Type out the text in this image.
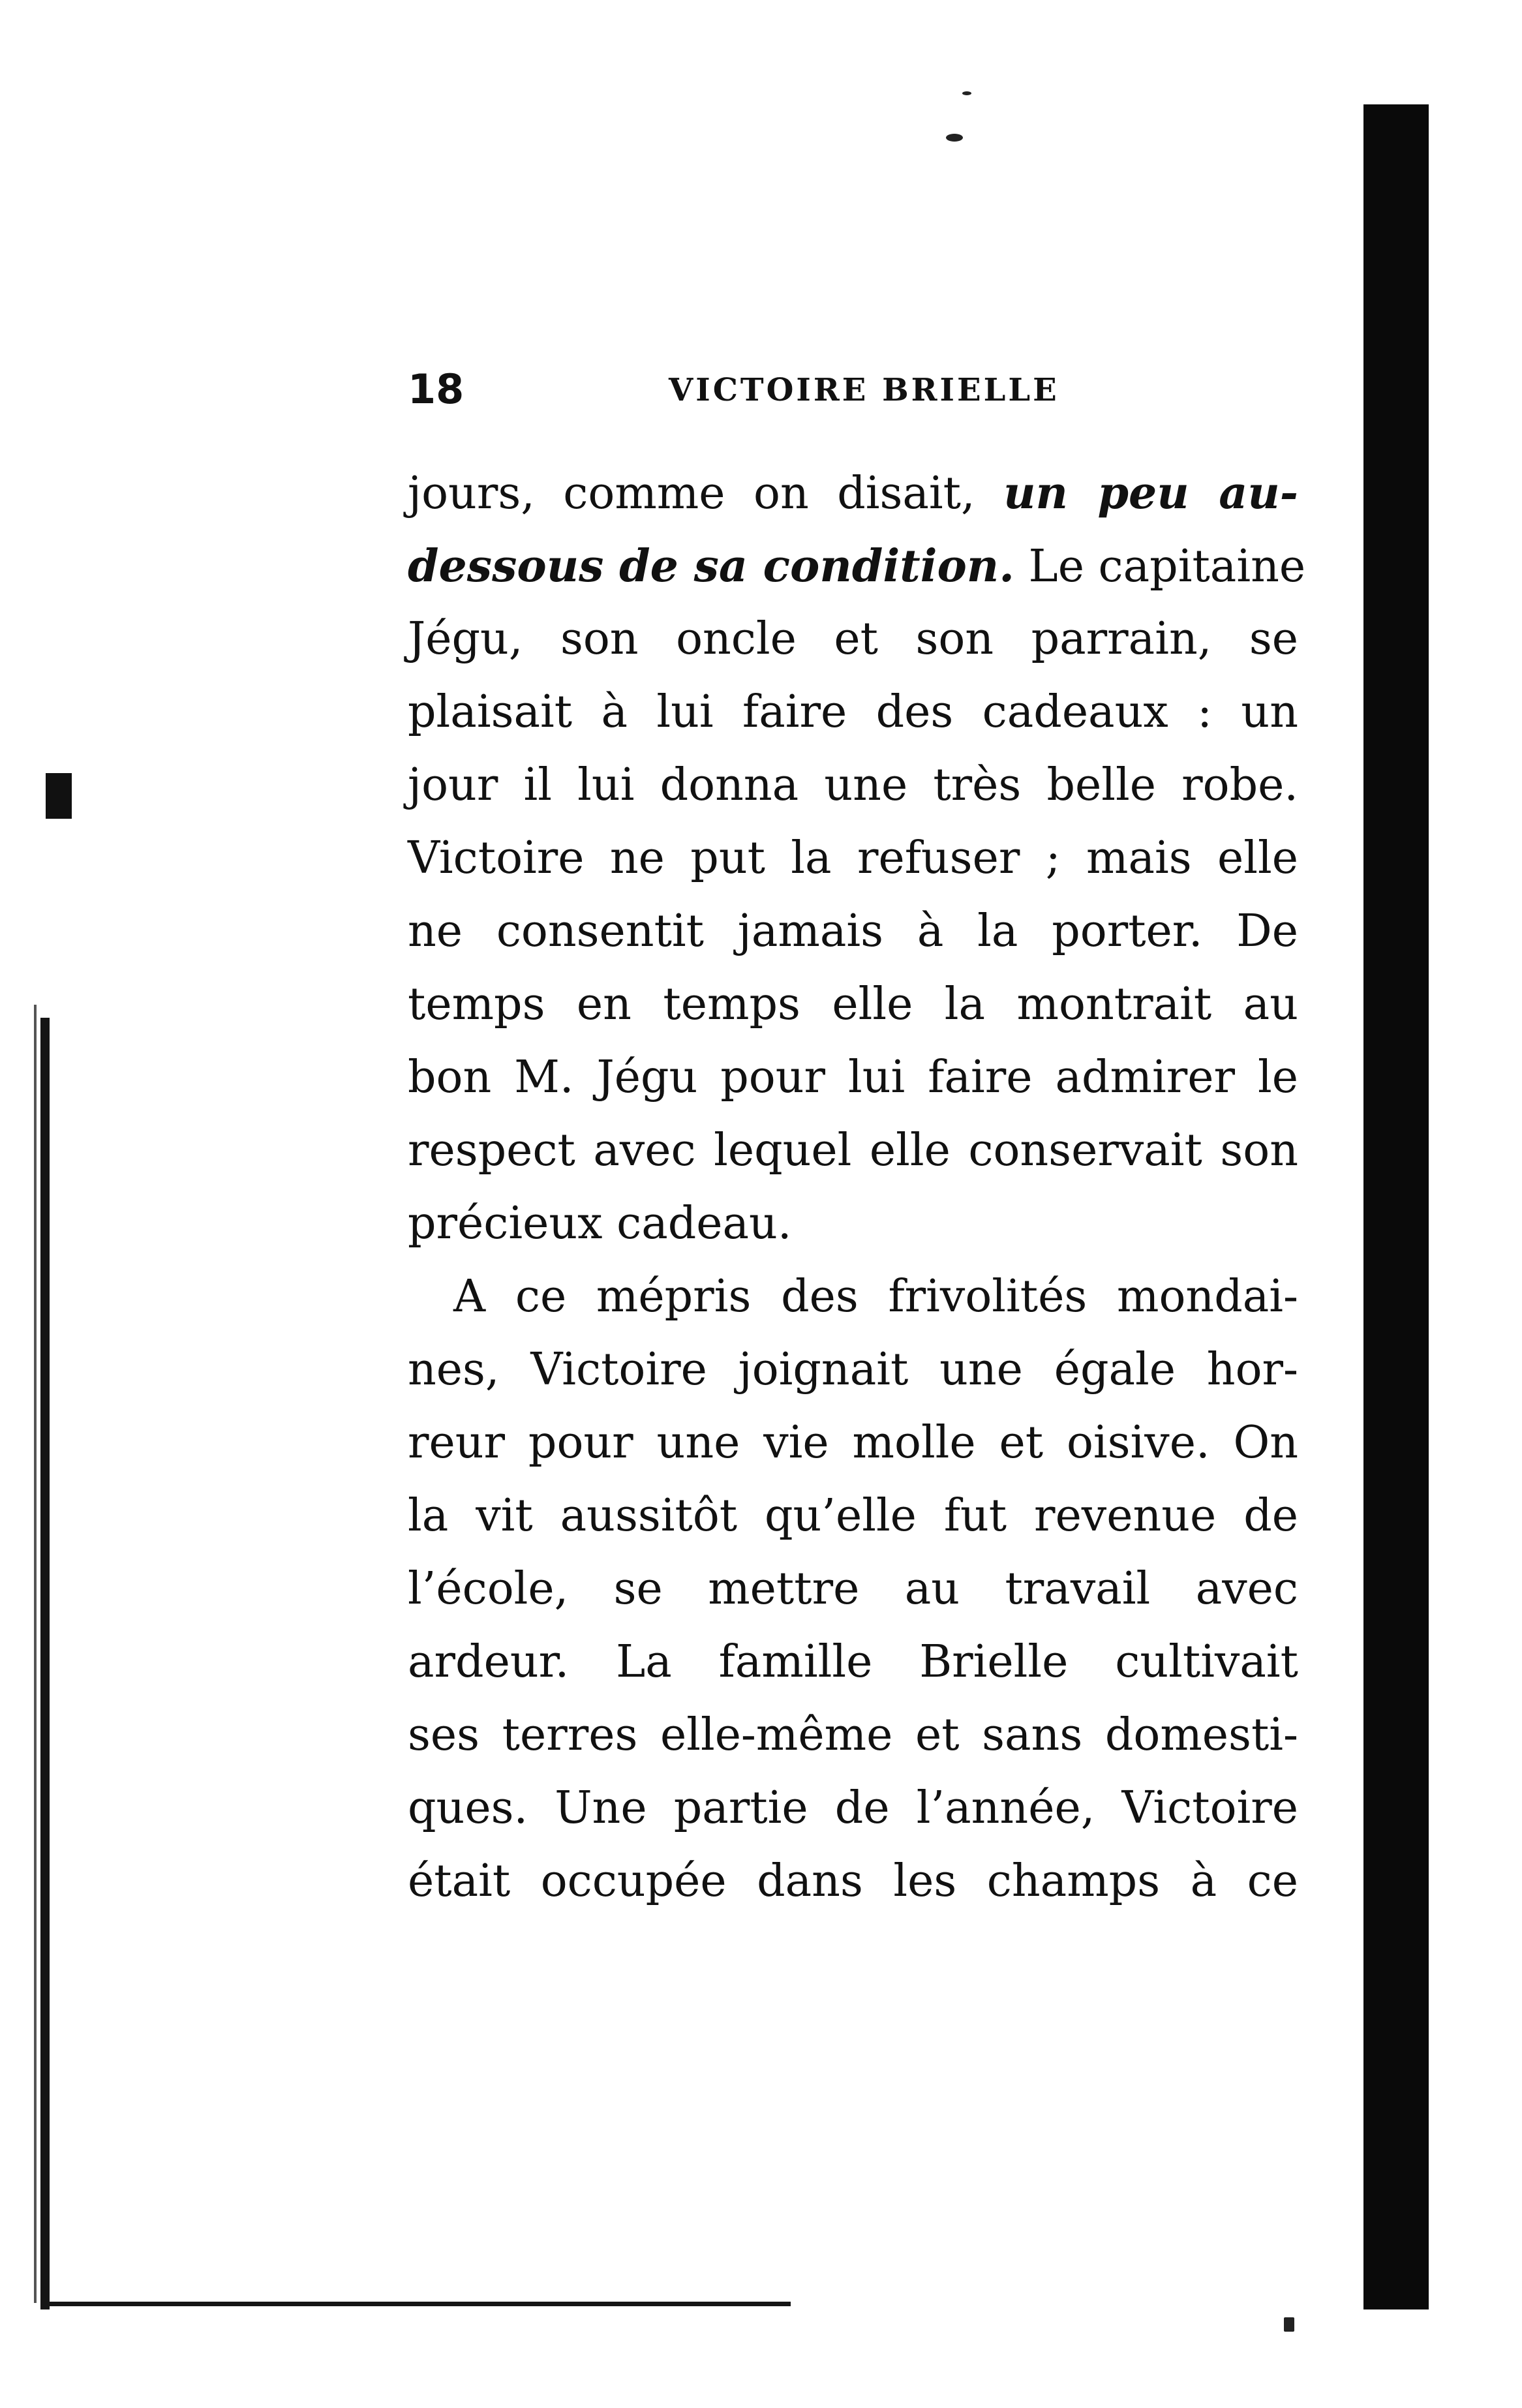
18	VICTOIRE BRIELLE
jours, comme on disait, un peu au-
dessous de sa condition. Le capitaine
Jégu, son oncle et son parrain, se
plaisait à lui faire des cadeaux : un
jour il lui donna une très belle robe.
Victoire ne put la refuser ; mais elle
ne consentit jamais à la porter. De
temps en temps elle la montrait au
bon M. Jégu pour lui faire admirer le
respect avec lequel elle conservait son
précieux cadeau.
A ce mépris des frivolités mondai-
nes, Victoire joignait une égale hor-
reur pour une vie molle et oisive. On
la vit aussitôt qu’elle fut revenue de
l’école, se mettre au travail avec
ardeur. La famille Brielle cultivait
ses terres elle-même et sans domesti-
ques. Une partie de l’année, Victoire
était occupée dans les champs à ce
